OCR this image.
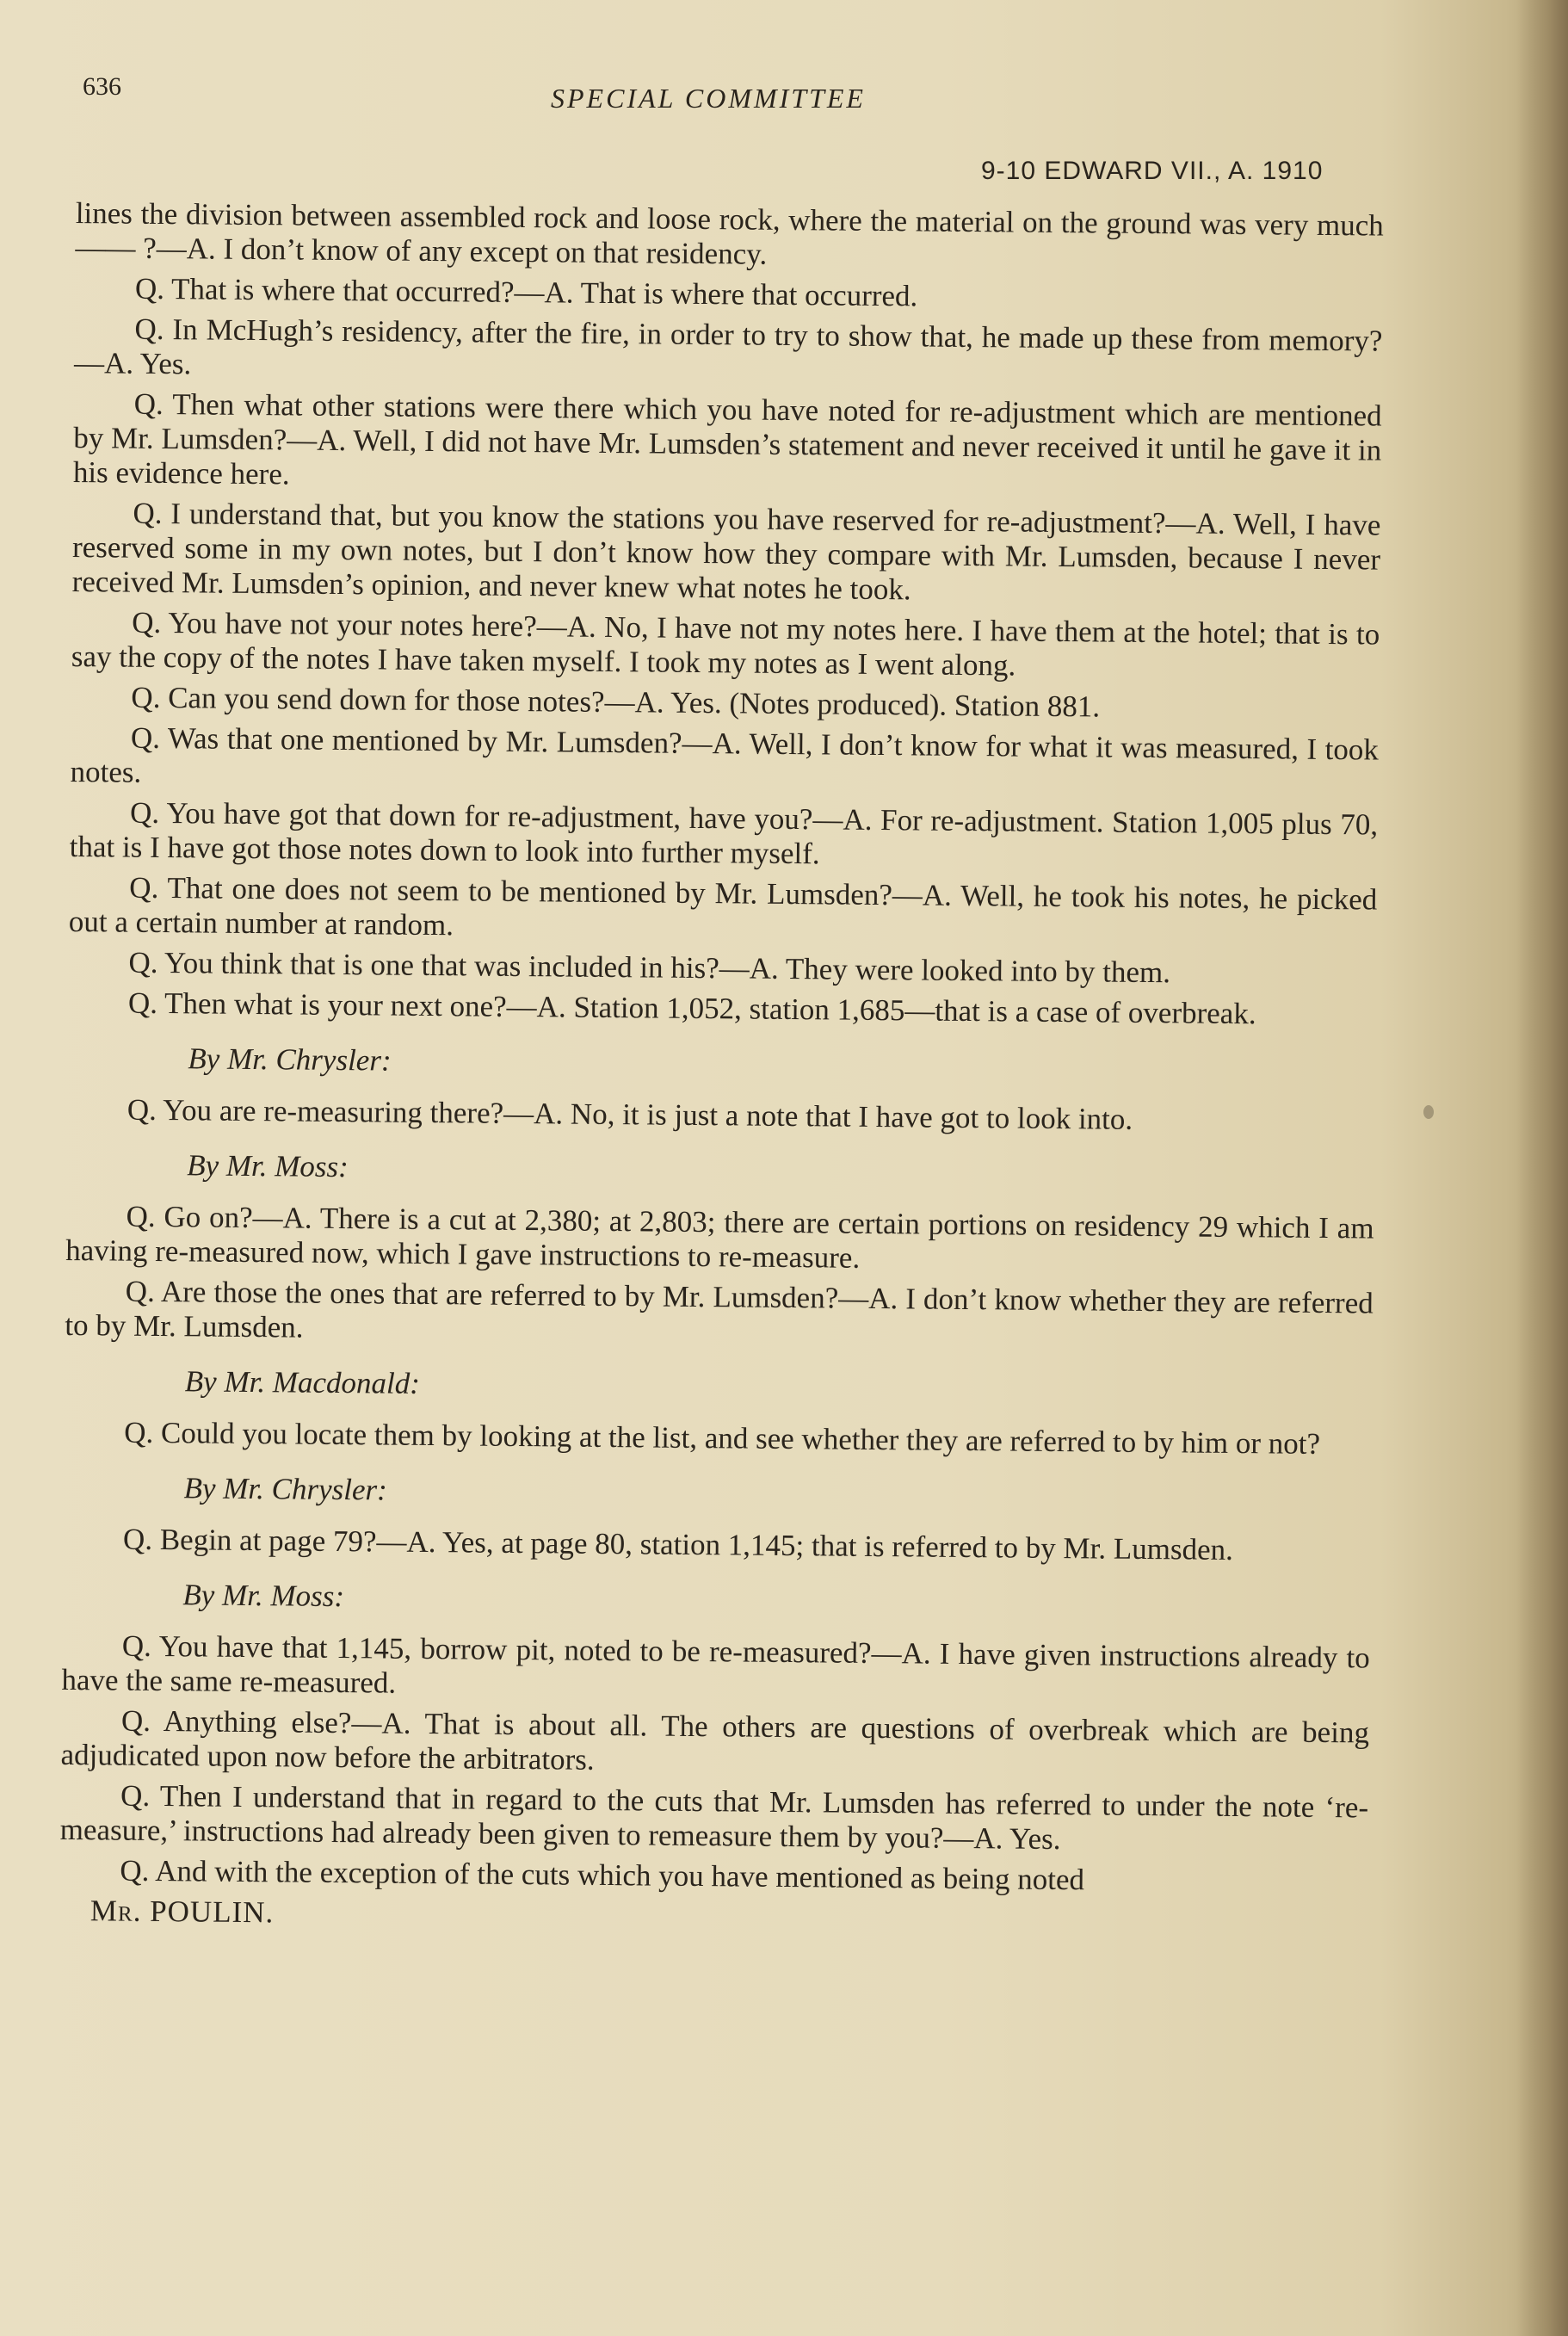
636	SPECIAL COMMITTEE
9-10 EDWARD VII., A. 1910

lines the division between assembled rock and loose rock, where the material on the ground was very much—— ?—A. I don’t know of any except on that residency.

Q. That is where that occurred?—A. That is where that occurred.

Q. In McHugh’s residency, after the fire, in order to try to show that, he made up these from memory?—A. Yes.

Q. Then what other stations were there which you have noted for re-adjustment which are mentioned by Mr. Lumsden?—A. Well, I did not have Mr. Lumsden’s statement and never received it until he gave it in his evidence here.

Q. I understand that, but you know the stations you have reserved for re-adjustment?—A. Well, I have reserved some in my own notes, but I don’t know how they compare with Mr. Lumsden, because I never received Mr. Lumsden’s opinion, and never knew what notes he took.

Q. You have not your notes here?—A. No, I have not my notes here. I have them at the hotel; that is to say the copy of the notes I have taken myself. I took my notes as I went along.

Q. Can you send down for those notes?—A. Yes. (Notes produced). Station 881.

Q. Was that one mentioned by Mr. Lumsden?—A. Well, I don’t know for what it was measured, I took notes.

Q. You have got that down for re-adjustment, have you?—A. For re-adjustment. Station 1,005 plus 70, that is I have got those notes down to look into further myself.

Q. That one does not seem to be mentioned by Mr. Lumsden?—A. Well, he took his notes, he picked out a certain number at random.

Q. You think that is one that was included in his?—A. They were looked into by them.

Q. Then what is your next one?—A. Station 1,052, station 1,685—that is a case of overbreak.

By Mr. Chrysler:

Q. You are re-measuring there?—A. No, it is just a note that I have got to look into.

By Mr. Moss:

Q. Go on?—A. There is a cut at 2,380; at 2,803; there are certain portions on residency 29 which I am having re-measured now, which I gave instructions to re-measure.

Q. Are those the ones that are referred to by Mr. Lumsden?—A. I don’t know whether they are referred to by Mr. Lumsden.

By Mr. Macdonald:

Q. Could you locate them by looking at the list, and see whether they are referred to by him or not?

By Mr. Chrysler:

Q. Begin at page 79?—A. Yes, at page 80, station 1,145; that is referred to by Mr. Lumsden.

By Mr. Moss:

Q. You have that 1,145, borrow pit, noted to be re-measured?—A. I have given instructions already to have the same re-measured.

Q. Anything else?—A. That is about all. The others are questions of overbreak which are being adjudicated upon now before the arbitrators.

Q. Then I understand that in regard to the cuts that Mr. Lumsden has referred to under the note ‘re-measure,’ instructions had already been given to remeasure them by you?—A. Yes.

Q. And with the exception of the cuts which you have mentioned as being noted

Mr. POULIN.
